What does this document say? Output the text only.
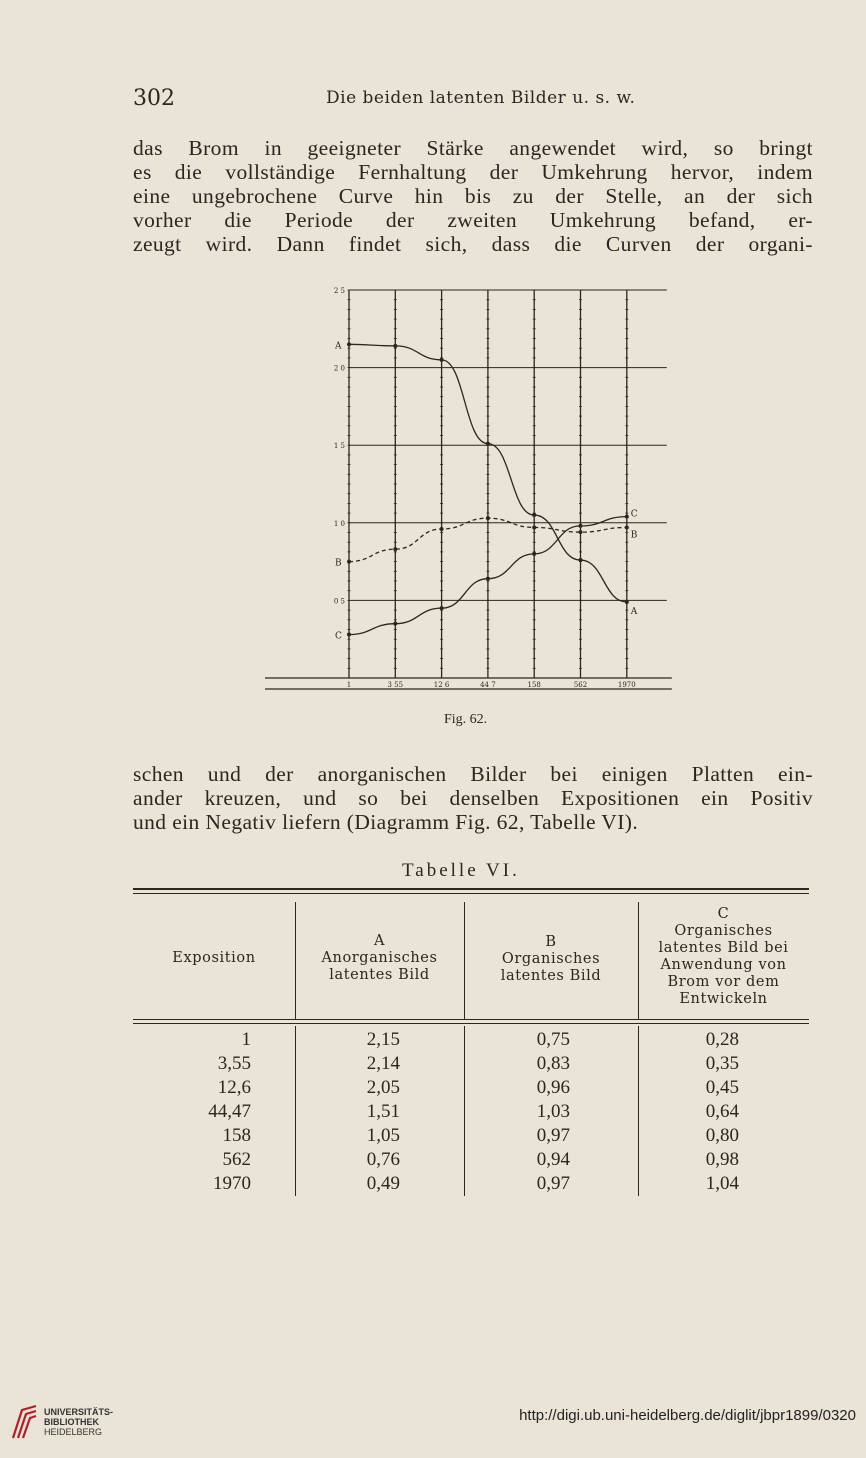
302	Die beiden latenten Bilder u. s. w.
das Brom in geeigneter Stärke angewendet wird, so bringt
es die vollständige Fernhaltung der Umkehrung hervor, indem
eine ungebrochene Curve hin bis zu der Stelle, an der sich
vorher die Periode der zweiten Umkehrung befand, er-
zeugt wird. Dann findet sich, dass die Curven der organi-
0 5
1 0
1 5
2 0
2 5
1	3 55	12 6	44 7	158	562	1970
A
A
B
B
C
C
Fig. 62.
schen und der anorganischen Bilder bei einigen Platten ein-
ander kreuzen, und so bei denselben Expositionen ein Positiv
und ein Negativ liefern (Diagramm Fig. 62, Tabelle VI).
Tabelle VI.
Exposition
A
Anorganisches
latentes Bild
B
Organisches
latentes Bild
C
Organisches
latentes Bild bei
Anwendung von
Brom vor dem
Entwickeln
1	2,15	0,75	0,28
3,55	2,14	0,83	0,35
12,6	2,05	0,96	0,45
44,47	1,51	1,03	0,64
158	1,05	0,97	0,80
562	0,76	0,94	0,98
1970	0,49	0,97	1,04
UNIVERSITÄTS-
BIBLIOTHEK
HEIDELBERG
http://digi.ub.uni-heidelberg.de/diglit/jbpr1899/0320
